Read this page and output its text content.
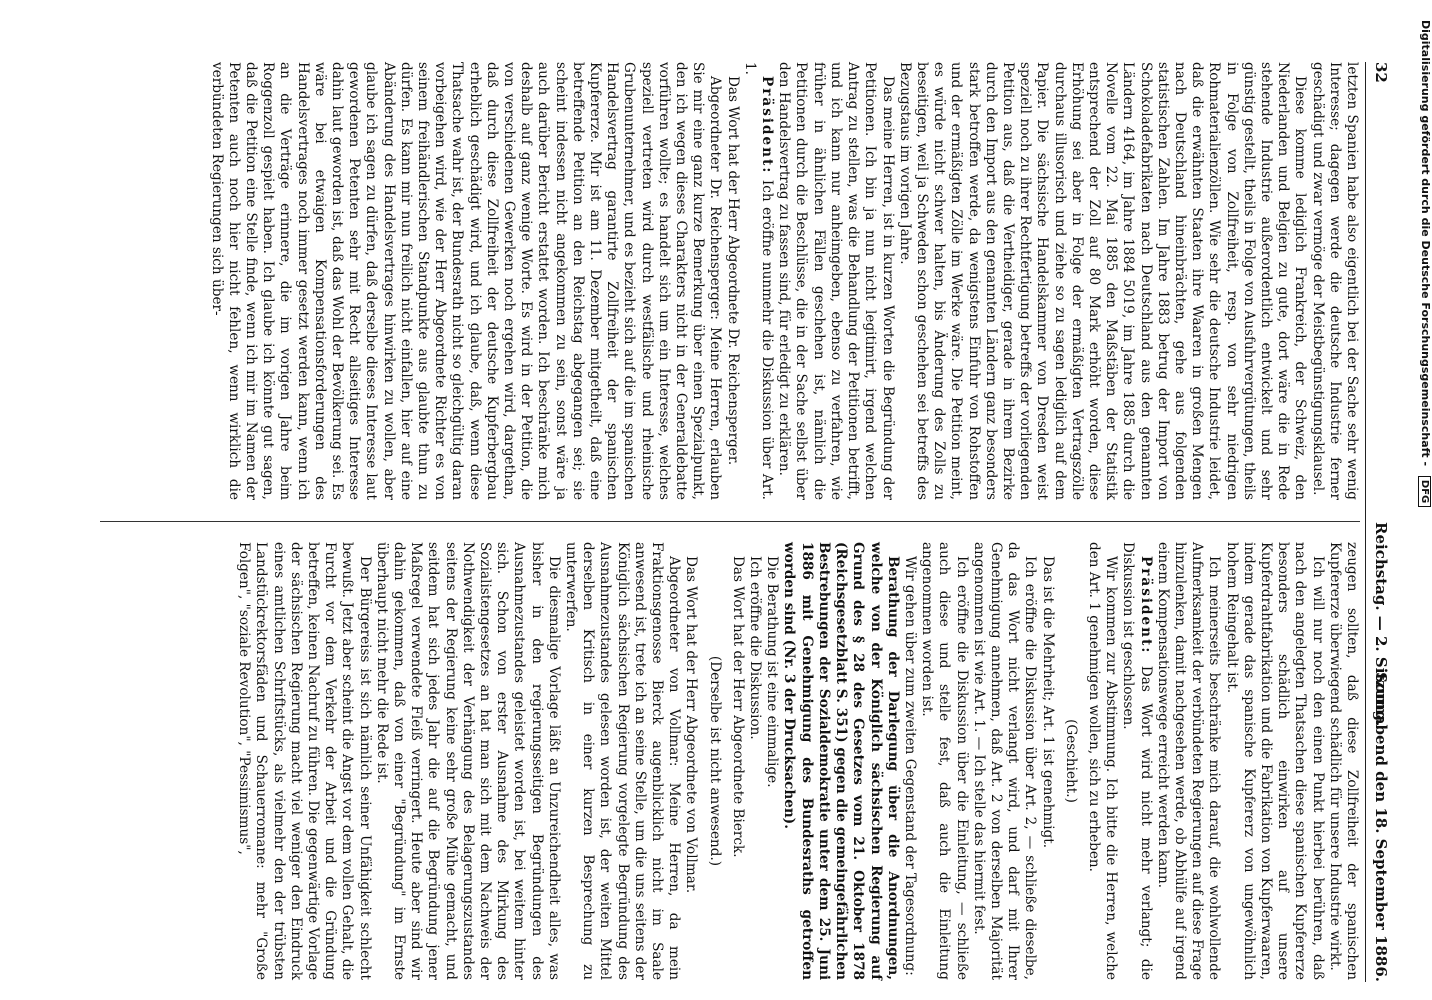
32
Reichstag. — 2. Sitzung.
Sonnabend den 18. September 1886.

letzten Spanien habe also eigentlich bei der Sache sehr wenig Interesse; dagegen werde die deutsche Industrie ferner geschädigt und zwar vermöge der Meistbegünstigungsklausel.

Diese komme lediglich Frankreich, der Schweiz, den Niederlanden und Belgien zu gute, dort wäre die in Rede stehende Industrie außerordentlich entwickelt und sehr günstig gestellt, theils in Folge von Ausfuhrvergütungen, theils in Folge von Zollfreiheit, resp. von sehr niedrigen Rohmaterialienzöllen. Wie sehr die deutsche Industrie leidet, daß die erwähnten Staaten ihre Waaren in großen Mengen nach Deutschland hineinbrächten, gehe aus folgenden statistischen Zahlen. Im Jahre 1883 betrug der Import von Schokoladefabrikaten nach Deutschland aus den genannten Ländern 4164, im Jahre 1884 5019, im Jahre 1885 durch die Novelle vom 22. Mai 1885 den Maßstäben der Statistik entsprechend der Zoll auf 80 Mark erhöht worden, diese Erhöhung sei aber in Folge der ermäßigten Vertragszölle durchaus illusorisch und ziehe so zu sagen lediglich auf dem Papier. Die sächsische Handelskammer von Dresden weist speziell noch zu ihrer Rechtfertigung betreffs der vorliegenden Petition aus, daß die Vertheidiger, gerade in ihrem Bezirke durch den Import aus den genannten Ländern ganz besonders stark betroffen werde, da wenigstens Einfuhr von Rohstoffen und der ermäßigten Zölle im Werke wäre. Die Petition meint, es würde nicht schwer halten, bis Änderung des Zolls zu beseitigen, weil ja Schweden schon geschehen sei betreffs des Bezugstaus im vorigen Jahre.

Das meine Herren, ist in kurzen Worten die Begründung der Petitionen. Ich bin ja nun nicht legitimirt, irgend welchen Antrag zu stellen, was die Behandlung der Petitionen betrifft, und ich kann nur anheimgeben, ebenso zu verfahren, wie früher in ähnlichen Fällen geschehen ist, nämlich die Petitionen durch die Beschlüsse, die in der Sache selbst über den Handelsvertrag zu fassen sind, für erledigt zu erklären.

Präsident: Ich eröffne nunmehr die Diskussion über Art. 1.

Das Wort hat der Herr Abgeordnete Dr. Reichensperger.

Abgeordneter Dr. Reichensperger: Meine Herren, erlauben Sie mir eine ganz kurze Bemerkung über einen Spezialpunkt, den ich wegen dieses Charakters nicht in der Generaldebatte vorführen wollte; es handelt sich um ein Interesse, welches speziell vertreten wird durch westfälische und rheinische Grubenunternehmer, und es bezieht sich auf die im spanischen Handelsvertrag garantirte Zollfreiheit der spanischen Kupfererze. Mir ist am 11. Dezember mitgetheilt, daß eine betreffende Petition an den Reichstag abgegangen sei; sie scheint indessen nicht angekommen zu sein, sonst wäre ja auch darüber Bericht erstattet worden. Ich beschränke mich deshalb auf ganz wenige Worte. Es wird in der Petition, die von verschiedenen Gewerken noch ergehen wird, dargethan, daß durch diese Zollfreiheit der deutsche Kupferbergbau erheblich geschädigt wird, und ich glaube, daß, wenn diese Thatsache wahr ist, der Bundesrath nicht so gleichgültig daran vorbeigehen wird, wie der Herr Abgeordnete Richter es von seinem freihändlerischen Standpunkte aus glaubte thun zu dürfen. Es kann mir nun freilich nicht einfallen, hier auf eine Abänderung des Handelsvertrages hinwirken zu wollen, aber glaube ich sagen zu dürfen, daß derselbe dieses Interesse laut gewordenen Petenten sehr mit Recht allseitiges Interesse dahin laut geworden ist, daß das Wohl der Bevölkerung sei. Es wäre bei etwaigen Kompensationsforderungen des Handelsvertrages noch immer gesetzt werden kann, wenn ich an die Verträge erinnere, die im vorigen Jahre beim Roggenzoll gespielt haben. Ich glaube ich könnte gut sagen, daß die Petition eine Stelle finde, wenn ich mir im Namen der Petenten auch noch hier nicht fehlen, wenn wirklich die verbündeten Regierungen sich über-

zeugen sollten, daß diese Zollfreiheit der spanischen Kupfererze überwiegend schädlich für unsere Industrie wirkt.

Ich will nur noch den einen Punkt hierbei berühren, daß nach den angelegten Thatsachen diese spanischen Kupfererze besonders schädlich einwirken auf unsere Kupferdrahtfabrikation und die Fabrikation von Kupferwaaren, indem gerade das spanische Kupfererz von ungewöhnlich hohem Reingehalt ist.

Ich meinerseits beschränke mich darauf, die wohlwollende Aufmerksamkeit der verbündeten Regierungen auf diese Frage hinzulenken, damit nachgesehen werde, ob Abhülfe auf irgend einem Kompensationswege erreicht werden kann.

Präsident: Das Wort wird nicht mehr verlangt; die Diskussion ist geschlossen.

Wir kommen zur Abstimmung. Ich bitte die Herren, welche den Art. 1 genehmigen wollen, sich zu erheben.

(Geschieht.)

Das ist die Mehrheit; Art. 1 ist genehmigt.

Ich eröffne die Diskussion über Art. 2, — schließe dieselbe, da das Wort nicht verlangt wird, und darf mit Ihrer Genehmigung annehmen, daß Art. 2 von derselben Majorität angenommen ist wie Art. 1. — Ich stelle das hiermit fest.

Ich eröffne die Diskussion über die Einleitung, — schließe auch diese und stelle fest, daß auch die Einleitung angenommen worden ist.

Wir gehen über zum zweiten Gegenstand der Tagesordnung:

Berathung der Darlegung über die Anordnungen, welche von der Königlich sächsischen Regierung auf Grund des § 28 des Gesetzes vom 21. Oktober 1878 (Reichsgesetzblatt S. 351) gegen die gemeingefährlichen Bestrebungen der Sozialdemokratie unter dem 25. Juni 1886 mit Genehmigung des Bundesraths getroffen worden sind (Nr. 3 der Drucksachen).

Die Berathung ist eine einmalige.

Ich eröffne die Diskussion.

Das Wort hat der Herr Abgeordnete Bierck.

(Derselbe ist nicht anwesend.)

Das Wort hat der Herr Abgeordnete von Vollmar.

Abgeordneter von Vollmar: Meine Herren, da mein Fraktionsgenosse Bierck augenblicklich nicht im Saale anwesend ist, trete ich an seine Stelle, um die uns seitens der Königlich sächsischen Regierung vorgelegte Begründung des Ausnahmezustandes gelesen worden ist, der weiten Mittel derselben Kritisch in einer kurzen Besprechung zu unterwerfen.

Die diesmalige Vorlage läßt an Unzureichendheit alles, was bisher in den regierungsseitigen Begründungen des Ausnahmezustandes geleistet worden ist, bei weitem hinter sich. Schon von erster Ausnahme des Mirkung des Sozialistengesetzes an hat man sich mit dem Nachweis der Nothwendigkeit der Verhängung des Belagerungszustandes seitens der Regierung keine sehr große Mühe gemacht, und seitdem hat sich jedes Jahr die auf die Begründung jener Maßregel verwendete Fleiß verringert. Heute aber sind wir dahin gekommen, daß von einer "Begründung" im Ernste überhaupt nicht mehr die Rede ist.

Der Bürgereiss ist sich nämlich seiner Unfähigkeit schlecht bewußt. Jetzt aber scheint die Angst vor dem vollen Gehalt, die Furcht vor dem Verkehr der Arbeit und die Gründung betreffen, keinen Nachruf zu führen. Die gegenwärtige Vorlage der sächsischen Regierung macht viel weniger den Eindruck eines amtlichen Schriftstücks, als vielmehr den der trübsten Landstückrektorsfäden und Schauerromane: mehr "Große Folgen", "soziale Revolution", "Pessimismus",

Digitalisierung gefördert durch die Deutsche Forschungsgemeinschaft - DFG
